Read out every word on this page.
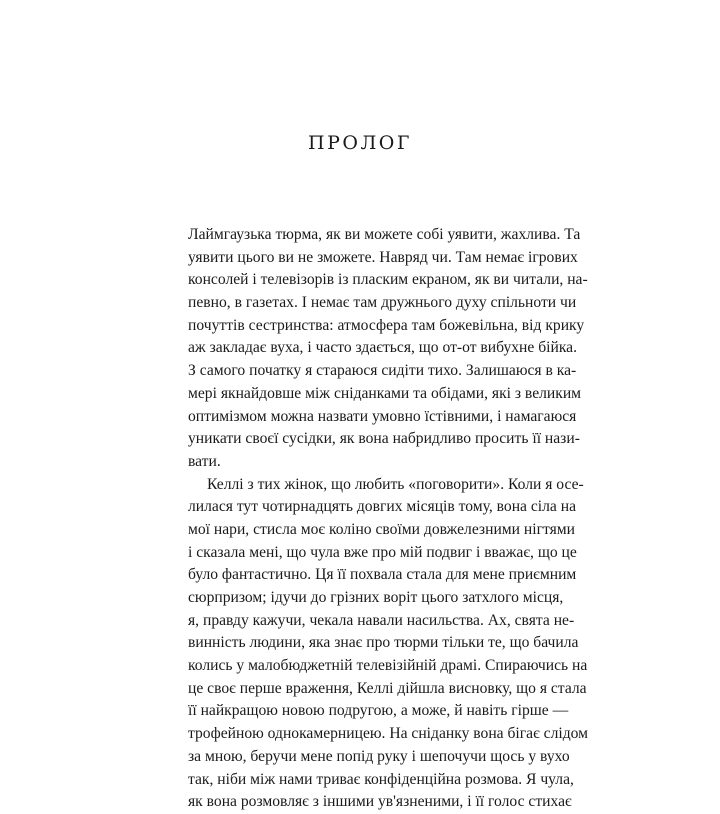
ПРОЛОГ
Лаймгаузька тюрма, як ви можете собі уявити, жахлива. Та
уявити цього ви не зможете. Навряд чи. Там немає ігрових
консолей і телевізорів із пласким екраном, як ви читали, на-
певно, в газетах. І немає там дружнього духу спільноти чи
почуттів сестринства: атмосфера там божевільна, від крику
аж закладає вуха, і часто здається, що от-от вибухне бійка.
З самого початку я стараюся сидіти тихо. Залишаюся в ка-
мері якнайдовше між сніданками та обідами, які з великим
оптимізмом можна назвати умовно їстівними, і намагаюся
уникати своєї сусідки, як вона набридливо просить її нази-
вати.
Келлі з тих жінок, що любить «поговорити». Коли я осе-
лилася тут чотирнадцять довгих місяців тому, вона сіла на
мої нари, стисла моє коліно своїми довжелезними нігтями
і сказала мені, що чула вже про мій подвиг і вважає, що це
було фантастично. Ця її похвала стала для мене приємним
сюрпризом; ідучи до грізних воріт цього затхлого місця,
я, правду кажучи, чекала навали насильства. Ах, свята не-
винність людини, яка знає про тюрми тільки те, що бачила
колись у малобюджетній телевізійній драмі. Спираючись на
це своє перше враження, Келлі дійшла висновку, що я стала
її найкращою новою подругою, а може, й навіть гірше —
трофейною однокамерницею. На сніданку вона бігає слідом
за мною, беручи мене попід руку і шепочучи щось у вухо
так, ніби між нами триває конфіденційна розмова. Я чула,
як вона розмовляє з іншими ув'язненими, і її голос стихає
